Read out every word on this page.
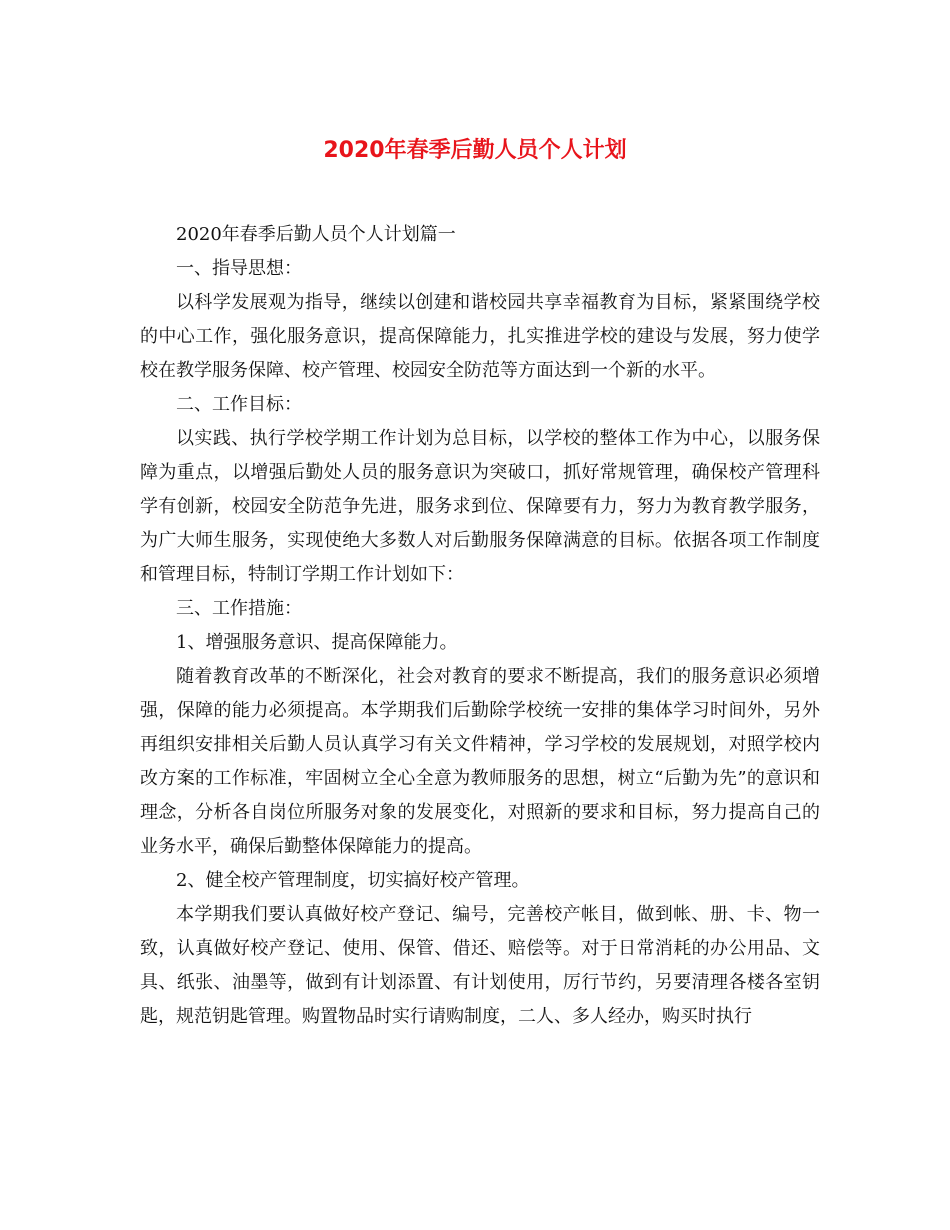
2020年春季后勤人员个人计划

2020年春季后勤人员个人计划篇一

一、指导思想：

以科学发展观为指导，继续以创建和谐校园共享幸福教育为目标，紧紧围绕学校的中心工作，强化服务意识，提高保障能力，扎实推进学校的建设与发展，努力使学校在教学服务保障、校产管理、校园安全防范等方面达到一个新的水平。

二、工作目标：

以实践、执行学校学期工作计划为总目标，以学校的整体工作为中心，以服务保障为重点，以增强后勤处人员的服务意识为突破口，抓好常规管理，确保校产管理科学有创新，校园安全防范争先进，服务求到位、保障要有力，努力为教育教学服务，为广大师生服务，实现使绝大多数人对后勤服务保障满意的目标。依据各项工作制度和管理目标，特制订学期工作计划如下：

三、工作措施：

1、增强服务意识、提高保障能力。

随着教育改革的不断深化，社会对教育的要求不断提高，我们的服务意识必须增强，保障的能力必须提高。本学期我们后勤除学校统一安排的集体学习时间外，另外再组织安排相关后勤人员认真学习有关文件精神，学习学校的发展规划，对照学校内改方案的工作标准，牢固树立全心全意为教师服务的思想，树立“后勤为先”的意识和理念，分析各自岗位所服务对象的发展变化，对照新的要求和目标，努力提高自己的业务水平，确保后勤整体保障能力的提高。

2、健全校产管理制度，切实搞好校产管理。

本学期我们要认真做好校产登记、编号，完善校产帐目，做到帐、册、卡、物一致，认真做好校产登记、使用、保管、借还、赔偿等。对于日常消耗的办公用品、文具、纸张、油墨等，做到有计划添置、有计划使用，厉行节约，另要清理各楼各室钥匙，规范钥匙管理。购置物品时实行请购制度，二人、多人经办，购买时执行
